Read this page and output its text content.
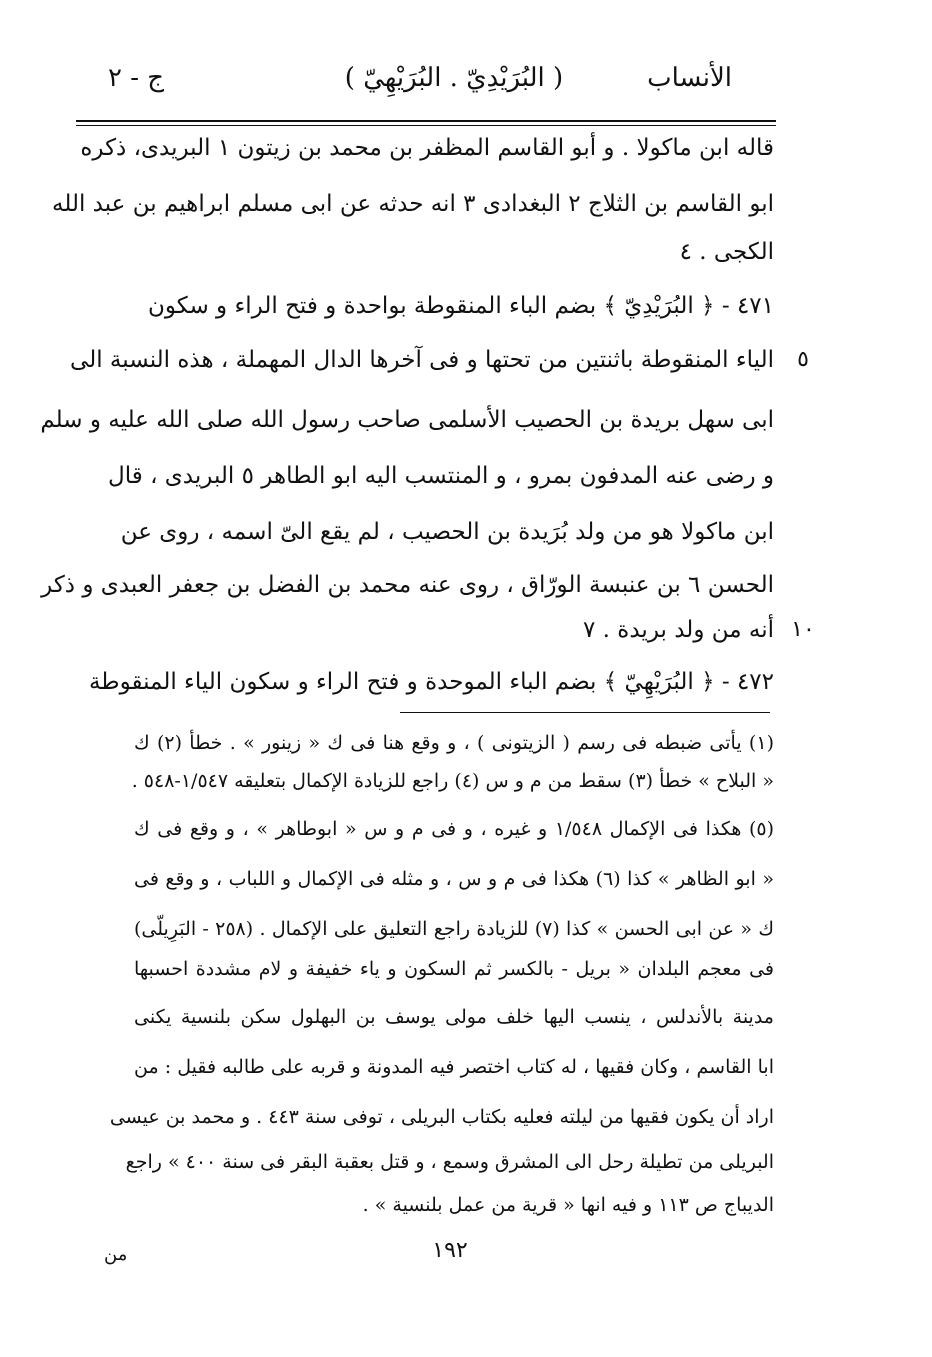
الأنساب
( البُرَيْدِيّ . البُرَيْهِيّ )
ج - ٢
قاله ابن ماكولا . و أبو القاسم المظفر بن محمد بن زيتون ١ البريدى، ذكره
ابو القاسم بن الثلاج ٢ البغدادى ٣ انه حدثه عن ابى مسلم ابراهيم بن عبد الله
الكجى . ٤
٤٧١ - ﴿ البُرَيْدِيّ ﴾ بضم الباء المنقوطة بواحدة و فتح الراء و سكون
الياء المنقوطة باثنتين من تحتها و فى آخرها الدال المهملة ، هذه النسبة الى
ابى سهل بريدة بن الحصيب الأسلمى صاحب رسول الله صلى الله عليه و سلم
و رضى عنه المدفون بمرو ، و المنتسب اليه ابو الطاهر ٥ البريدى ، قال
ابن ماكولا هو من ولد بُرَيدة بن الحصيب ، لم يقع الىّ اسمه ، روى عن
الحسن ٦ بن عنبسة الورّاق ، روى عنه محمد بن الفضل بن جعفر العبدى و ذكر
أنه من ولد بريدة . ٧
٤٧٢ - ﴿ البُرَيْهِيّ ﴾ بضم الباء الموحدة و فتح الراء و سكون الياء المنقوطة
٥
١٠
(١) يأتى ضبطه فى رسم ( الزيتونى ) ، و وقع هنا فى ك « زينور » . خطأ (٢) ك
« البلاح » خطأ (٣) سقط من م و س (٤) راجع للزيادة الإكمال بتعليقه ١/٥٤٧-٥٤٨ .
(٥) هكذا فى الإكمال ١/٥٤٨ و غيره ، و فى م و س « ابوطاهر » ، و وقع فى ك
« ابو الظاهر » كذا (٦) هكذا فى م و س ، و مثله فى الإكمال و اللباب ، و وقع فى
ك « عن ابى الحسن » كذا (٧) للزيادة راجع التعليق على الإكمال . (٢٥٨ - البَرِيلّى)
فى معجم البلدان « بريل - بالكسر ثم السكون و ياء خفيفة و لام مشددة احسبها
مدينة بالأندلس ، ينسب اليها خلف مولى يوسف بن البهلول سكن بلنسية يكنى
ابا القاسم ، وكان فقيها ، له كتاب اختصر فيه المدونة و قربه على طالبه فقيل : من
اراد أن يكون فقيها من ليلته فعليه بكتاب البريلى ، توفى سنة ٤٤٣ . و محمد بن عيسى
البريلى من تطيلة رحل الى المشرق وسمع ، و قتل بعقبة البقر فى سنة ٤٠٠ » راجع
الديباج ص ١١٣ و فيه انها « قرية من عمل بلنسية » .
١٩٢
من
